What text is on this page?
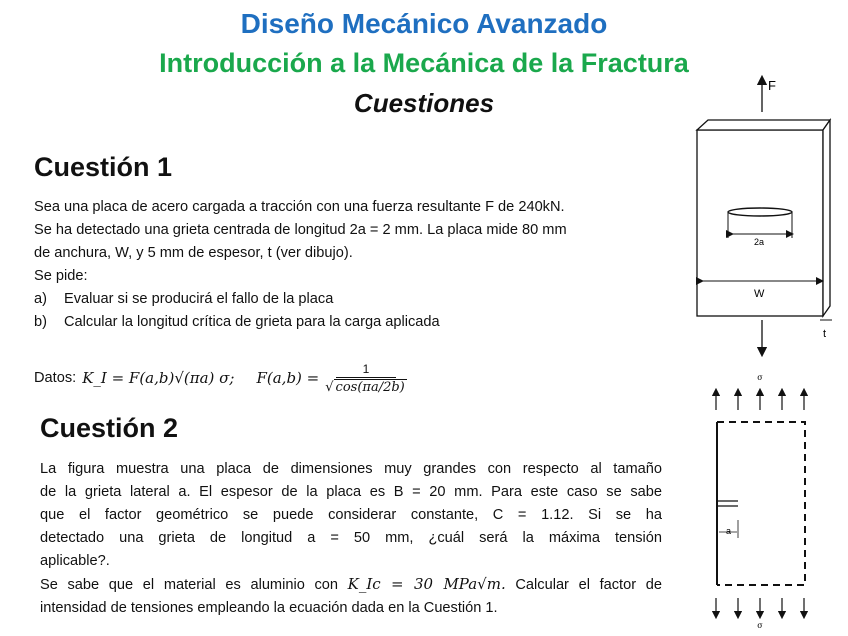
Diseño Mecánico Avanzado
Introducción a la Mecánica de la Fractura
Cuestiones
Cuestión 1
Sea una placa de acero cargada a tracción con una fuerza resultante F de 240kN.
Se ha detectado una grieta centrada de longitud 2a = 2 mm. La placa mide 80 mm
de anchura, W, y 5 mm de espesor, t (ver dibujo).
Se pide:
a)	Evaluar si se producirá el fallo de la placa
b)	Calcular la longitud crítica de grieta para la carga aplicada
Datos: K_I = F(a,b)√(πa) σ; $F(a,b) = \frac{1}{√ \cos(\pi a/2b)}$
Cuestión 2
La figura muestra una placa de dimensiones muy grandes con respecto al tamaño
de la grieta lateral a. El espesor de la placa es B = 20 mm. Para este caso se sabe
que el factor geométrico se puede considerar constante, C = 1.12. Si se ha
detectado una grieta de longitud a = 50 mm, ¿cuál será la máxima tensión
aplicable?.
Se sabe que el material es aluminio con K_Ic = 30 MPa√m. Calcular el factor de
intensidad de tensiones empleando la ecuación dada en la Cuestión 1.
F
2a
W
t
σ
a
σ
